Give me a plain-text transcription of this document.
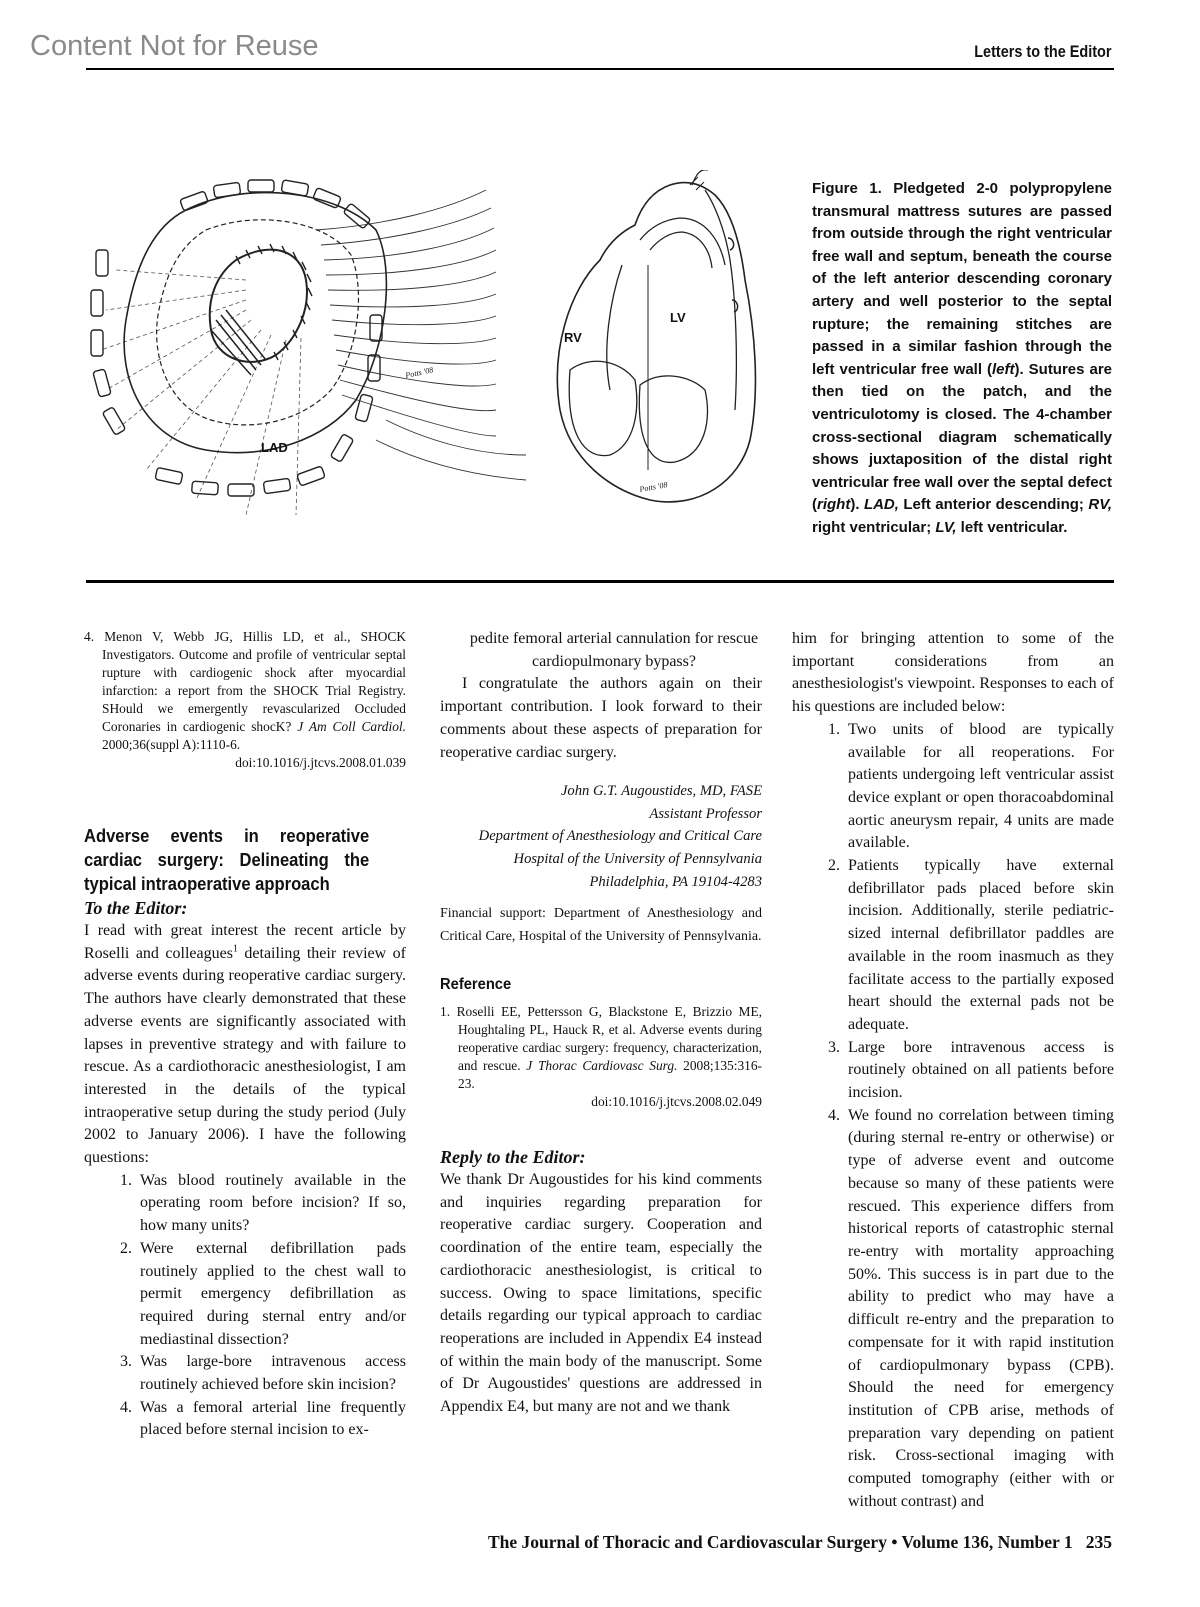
Content Not for Reuse	Letters to the Editor
LAD
Potts '08
RV
LV
Potts '08
Figure 1. Pledgeted 2-0 polypropylene transmural mattress sutures are passed from outside through the right ventricular free wall and septum, beneath the course of the left anterior descending coronary artery and well posterior to the septal rupture; the remaining stitches are passed in a similar fashion through the left ventricular free wall (left). Sutures are then tied on the patch, and the ventriculotomy is closed. The 4-chamber cross-sectional diagram schematically shows juxtaposition of the distal right ventricular free wall over the septal defect (right). LAD, Left anterior descending; RV, right ventricular; LV, left ventricular.

4. Menon V, Webb JG, Hillis LD, et al., SHOCK Investigators. Outcome and profile of ventricular septal rupture with cardiogenic shock after myocardial infarction: a report from the SHOCK Trial Registry. SHould we emergently revascularized Occluded Coronaries in cardiogenic shocK? J Am Coll Cardiol. 2000;36(suppl A):1110-6.
doi:10.1016/j.jtcvs.2008.01.039

Adverse events in reoperative cardiac surgery: Delineating the typical intraoperative approach

To the Editor:

I read with great interest the recent article by Roselli and colleagues$^1$ detailing their review of adverse events during reoperative cardiac surgery. The authors have clearly demonstrated that these adverse events are significantly associated with lapses in preventive strategy and with failure to rescue. As a cardiothoracic anesthesiologist, I am interested in the details of the typical intraoperative setup during the study period (July 2002 to January 2006). I have the following questions:

1. Was blood routinely available in the operating room before incision? If so, how many units?
2. Were external defibrillation pads routinely applied to the chest wall to permit emergency defibrillation as required during sternal entry and/or mediastinal dissection?
3. Was large-bore intravenous access routinely achieved before skin incision?
4. Was a femoral arterial line frequently placed before sternal incision to ex-

pedite femoral arterial cannulation for rescue cardiopulmonary bypass?

I congratulate the authors again on their important contribution. I look forward to their comments about these aspects of preparation for reoperative cardiac surgery.

John G.T. Augoustides, MD, FASE

Assistant Professor

Department of Anesthesiology and Critical Care

Hospital of the University of Pennsylvania

Philadelphia, PA 19104-4283

Financial support: Department of Anesthesiology and Critical Care, Hospital of the University of Pennsylvania.

Reference

1. Roselli EE, Pettersson G, Blackstone E, Brizzio ME, Houghtaling PL, Hauck R, et al. Adverse events during reoperative cardiac surgery: frequency, characterization, and rescue. J Thorac Cardiovasc Surg. 2008;135:316-23.
doi:10.1016/j.jtcvs.2008.02.049

Reply to the Editor:

We thank Dr Augoustides for his kind comments and inquiries regarding preparation for reoperative cardiac surgery. Cooperation and coordination of the entire team, especially the cardiothoracic anesthesiologist, is critical to success. Owing to space limitations, specific details regarding our typical approach to cardiac reoperations are included in Appendix E4 instead of within the main body of the manuscript. Some of Dr Augoustides' questions are addressed in Appendix E4, but many are not and we thank

him for bringing attention to some of the important considerations from an anesthesiologist's viewpoint. Responses to each of his questions are included below:

1. Two units of blood are typically available for all reoperations. For patients undergoing left ventricular assist device explant or open thoracoabdominal aortic aneurysm repair, 4 units are made available.
2. Patients typically have external defibrillator pads placed before skin incision. Additionally, sterile pediatric-sized internal defibrillator paddles are available in the room inasmuch as they facilitate access to the partially exposed heart should the external pads not be adequate.
3. Large bore intravenous access is routinely obtained on all patients before incision.
4. We found no correlation between timing (during sternal re-entry or otherwise) or type of adverse event and outcome because so many of these patients were rescued. This experience differs from historical reports of catastrophic sternal re-entry with mortality approaching 50%. This success is in part due to the ability to predict who may have a difficult re-entry and the preparation to compensate for it with rapid institution of cardiopulmonary bypass (CPB). Should the need for emergency institution of CPB arise, methods of preparation vary depending on patient risk. Cross-sectional imaging with computed tomography (either with or without contrast) and
The Journal of Thoracic and Cardiovascular Surgery • Volume 136, Number 1   235
